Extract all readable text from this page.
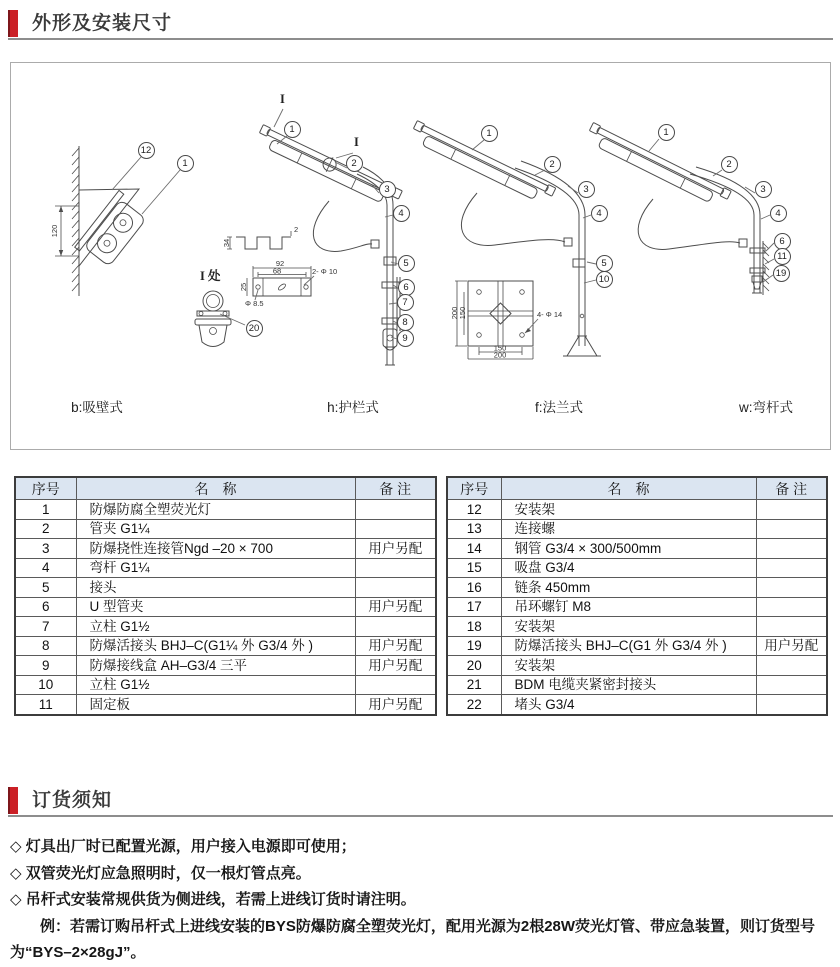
外形及安装尺寸
120
34
2
92
68	2- Φ 10
Φ 8.5
25
200 150
150
200
4- Φ 14
b:吸壁式	h:护栏式	f:法兰式	w:弯杆式
I 处
12
1
20
I
I
1
2
3
4
5
6
7
8
9
1
2
3
4
5
10
1
2
3
4
6
11
19
序号	名　称	备 注
1	防爆防腐全塑荧光灯	
2	管夹 G1¼	
3	防爆挠性连接管Ngd –20 × 700	用户另配
4	弯杆 G1¼	
5	接头	
6	U 型管夹	用户另配
7	立柱 G1½	
8	防爆活接头 BHJ–C(G1¼ 外 G3/4 外 )	用户另配
9	防爆接线盒 AH–G3/4 三平	用户另配
10	立柱 G1½	
11	固定板	用户另配
序号	名　称	备 注
12	安装架	
13	连接螺	
14	钢管 G3/4 × 300/500mm	
15	吸盘 G3/4	
16	链条 450mm	
17	吊环螺钉 M8	
18	安装架	
19	防爆活接头 BHJ–C(G1 外 G3/4 外 )	用户另配
20	安装架	
21	BDM 电缆夹紧密封接头	
22	堵头 G3/4	
订货须知
◇ 灯具出厂时已配置光源，用户接入电源即可使用；
◇ 双管荧光灯应急照明时，仅一根灯管点亮。
◇ 吊杆式安装常规供货为侧进线，若需上进线订货时请注明。
例：若需订购吊杆式上进线安装的BYS防爆防腐全塑荧光灯，配用光源为2根28W荧光灯管、带应急装置，则订货型号为“BYS–2×28gJ”。
